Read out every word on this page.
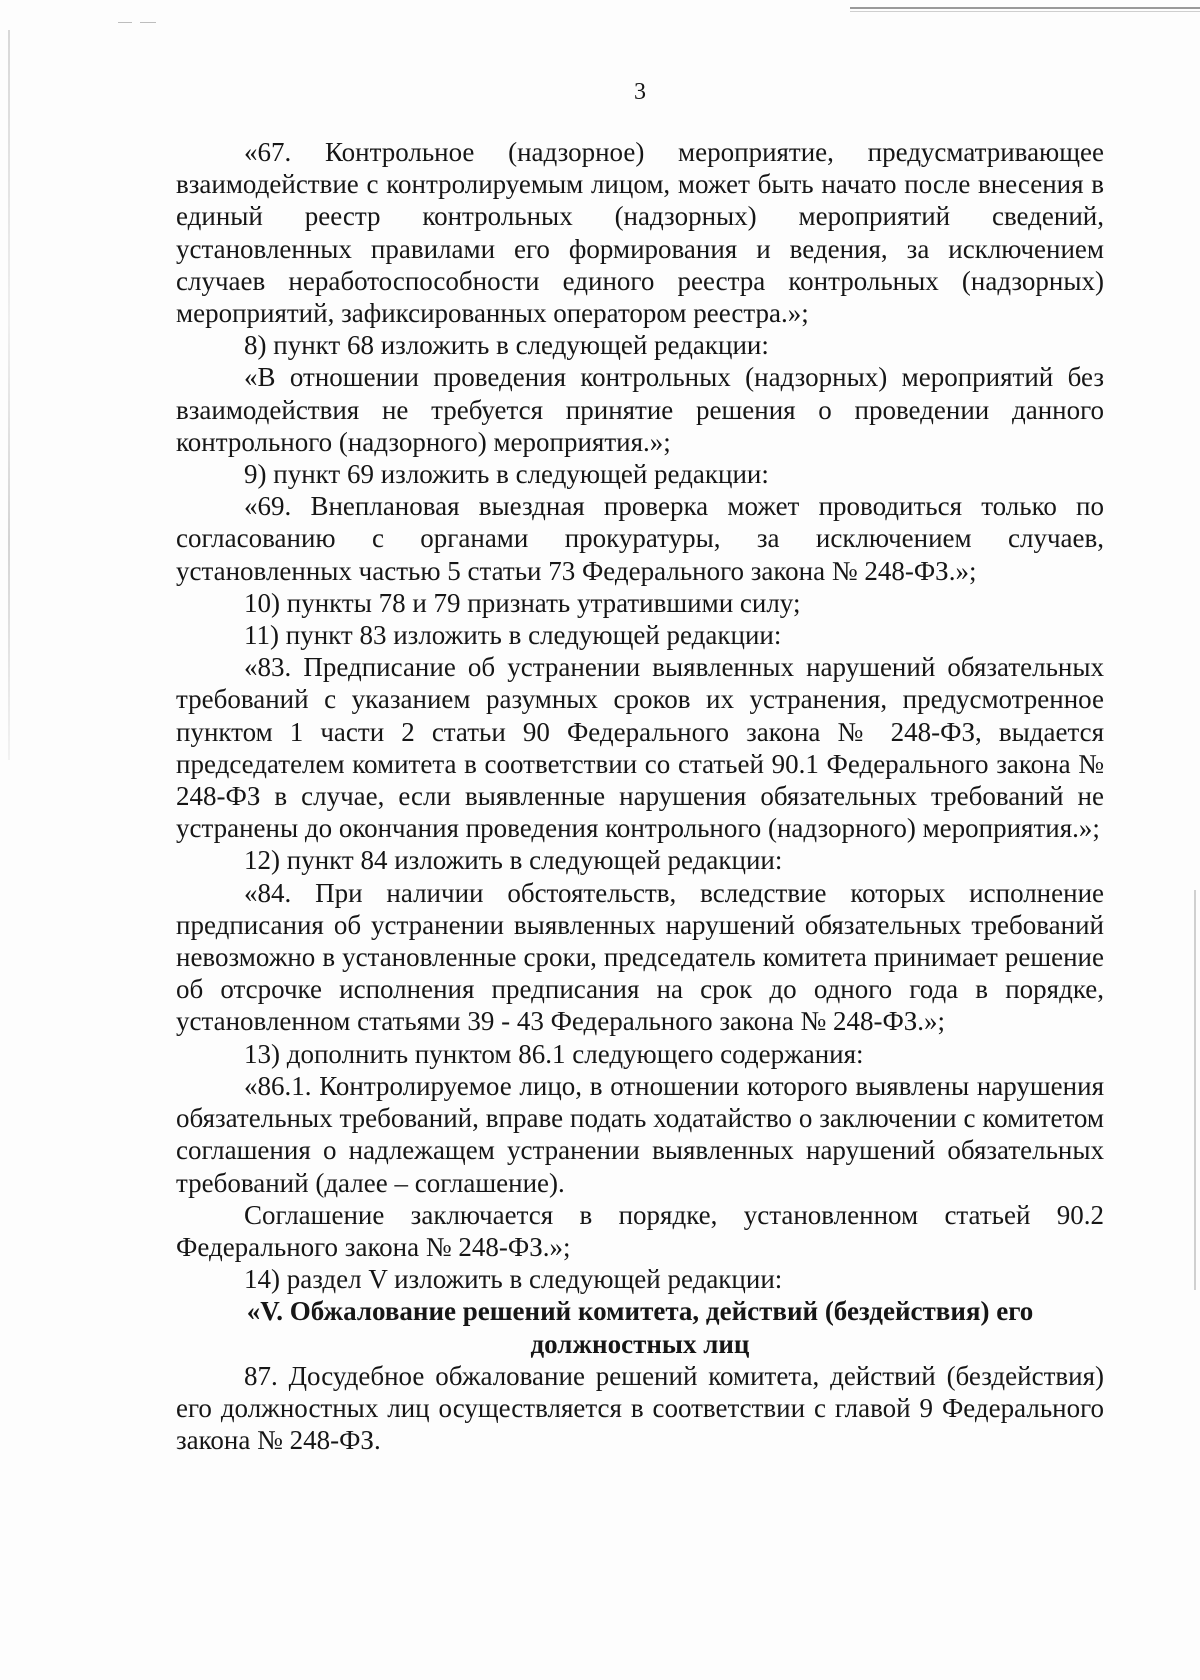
3

«67. Контрольное (надзорное) мероприятие, предусматривающее взаимодействие с контролируемым лицом, может быть начато после внесения в единый реестр контрольных (надзорных) мероприятий сведений, установленных правилами его формирования и ведения, за исключением случаев неработоспособности единого реестра контрольных (надзорных) мероприятий, зафиксированных оператором реестра.»;

8) пункт 68 изложить в следующей редакции:

«В отношении проведения контрольных (надзорных) мероприятий без взаимодействия не требуется принятие решения о проведении данного контрольного (надзорного) мероприятия.»;

9) пункт 69 изложить в следующей редакции:

«69. Внеплановая выездная проверка может проводиться только по согласованию с органами прокуратуры, за исключением случаев, установленных частью 5 статьи 73 Федерального закона № 248-ФЗ.»;

10) пункты 78 и 79 признать утратившими силу;

11) пункт 83 изложить в следующей редакции:

«83. Предписание об устранении выявленных нарушений обязательных требований с указанием разумных сроков их устранения, предусмотренное пунктом 1 части 2 статьи 90 Федерального закона № 248-ФЗ, выдается председателем комитета в соответствии со статьей 90.1 Федерального закона № 248-ФЗ в случае, если выявленные нарушения обязательных требований не устранены до окончания проведения контрольного (надзорного) мероприятия.»;

12) пункт 84 изложить в следующей редакции:

«84. При наличии обстоятельств, вследствие которых исполнение предписания об устранении выявленных нарушений обязательных требований невозможно в установленные сроки, председатель комитета принимает решение об отсрочке исполнения предписания на срок до одного года в порядке, установленном статьями 39 - 43 Федерального закона № 248-ФЗ.»;

13) дополнить пунктом 86.1 следующего содержания:

«86.1. Контролируемое лицо, в отношении которого выявлены нарушения обязательных требований, вправе подать ходатайство о заключении с комитетом соглашения о надлежащем устранении выявленных нарушений обязательных требований (далее – соглашение).

Соглашение заключается в порядке, установленном статьей 90.2 Федерального закона № 248-ФЗ.»;

14) раздел V изложить в следующей редакции:

«V. Обжалование решений комитета, действий (бездействия) его должностных лиц

87. Досудебное обжалование решений комитета, действий (бездействия) его должностных лиц осуществляется в соответствии с главой 9 Федерального закона № 248-ФЗ.
